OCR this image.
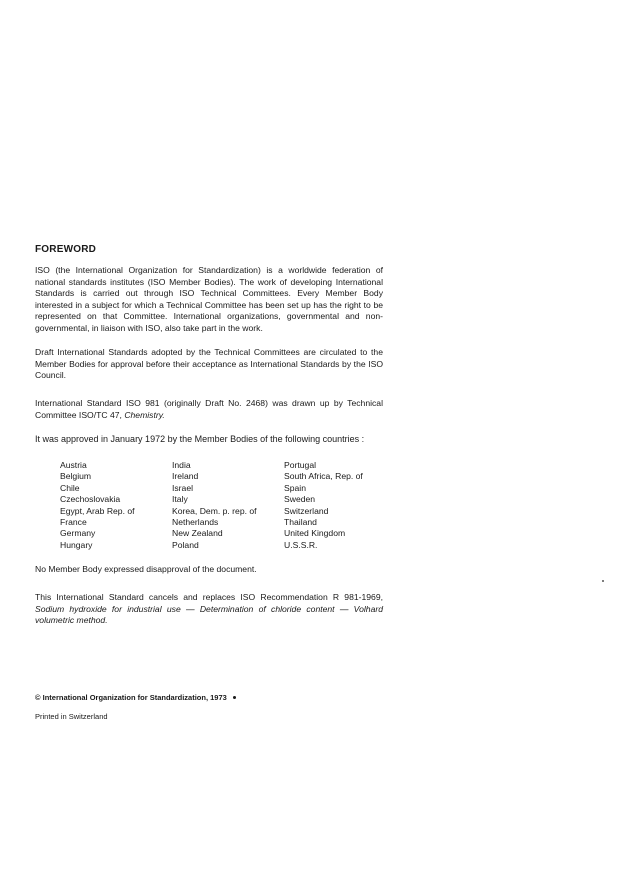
FOREWORD
ISO (the International Organization for Standardization) is a worldwide federation of national standards institutes (ISO Member Bodies). The work of developing International Standards is carried out through ISO Technical Committees. Every Member Body interested in a subject for which a Technical Committee has been set up has the right to be represented on that Committee. International organizations, governmental and non-governmental, in liaison with ISO, also take part in the work.
Draft International Standards adopted by the Technical Committees are circulated to the Member Bodies for approval before their acceptance as International Standards by the ISO Council.
International Standard ISO 981 (originally Draft No. 2468) was drawn up by Technical Committee ISO/TC 47, Chemistry.
It was approved in January 1972 by the Member Bodies of the following countries :
Austria
Belgium
Chile
Czechoslovakia
Egypt, Arab Rep. of
France
Germany
Hungary
India
Ireland
Israel
Italy
Korea, Dem. p. rep. of
Netherlands
New Zealand
Poland
Portugal
South Africa, Rep. of
Spain
Sweden
Switzerland
Thailand
United Kingdom
U.S.S.R.
No Member Body expressed disapproval of the document.
This International Standard cancels and replaces ISO Recommendation R 981-1969, Sodium hydroxide for industrial use — Determination of chloride content — Volhard volumetric method.
© International Organization for Standardization, 1973
Printed in Switzerland
